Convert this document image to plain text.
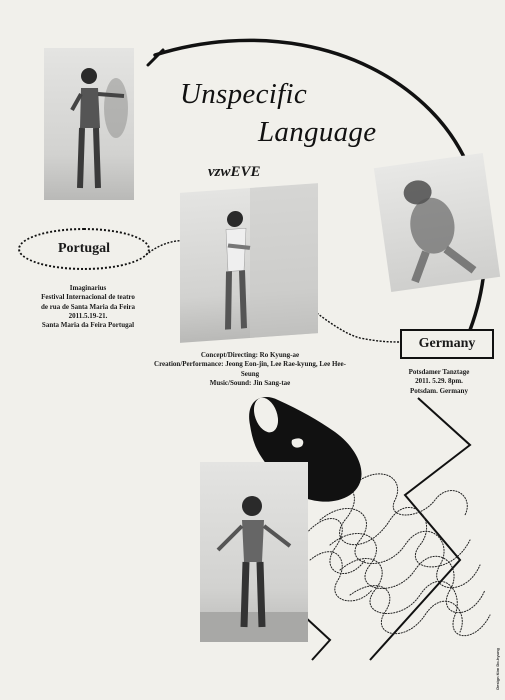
Unspecific
Language
vzwEVE
Portugal
Imaginarius
Festival Internacional de teatro
de rua de Santa Maria da Feira
2011.5.19-21.
Santa Maria da Feira Portugal
Germany
Potsdamer Tanztage
2011. 5.29. 8pm.
Potsdam. Germany
Concept/Directing: Ro Kyung-ae
Creation/Performance: Jeong Eon-jin, Lee Rae-kyung, Lee Hee-Seung
Music/Sound: Jin Sang-tae
Design Kim Do-hyung
